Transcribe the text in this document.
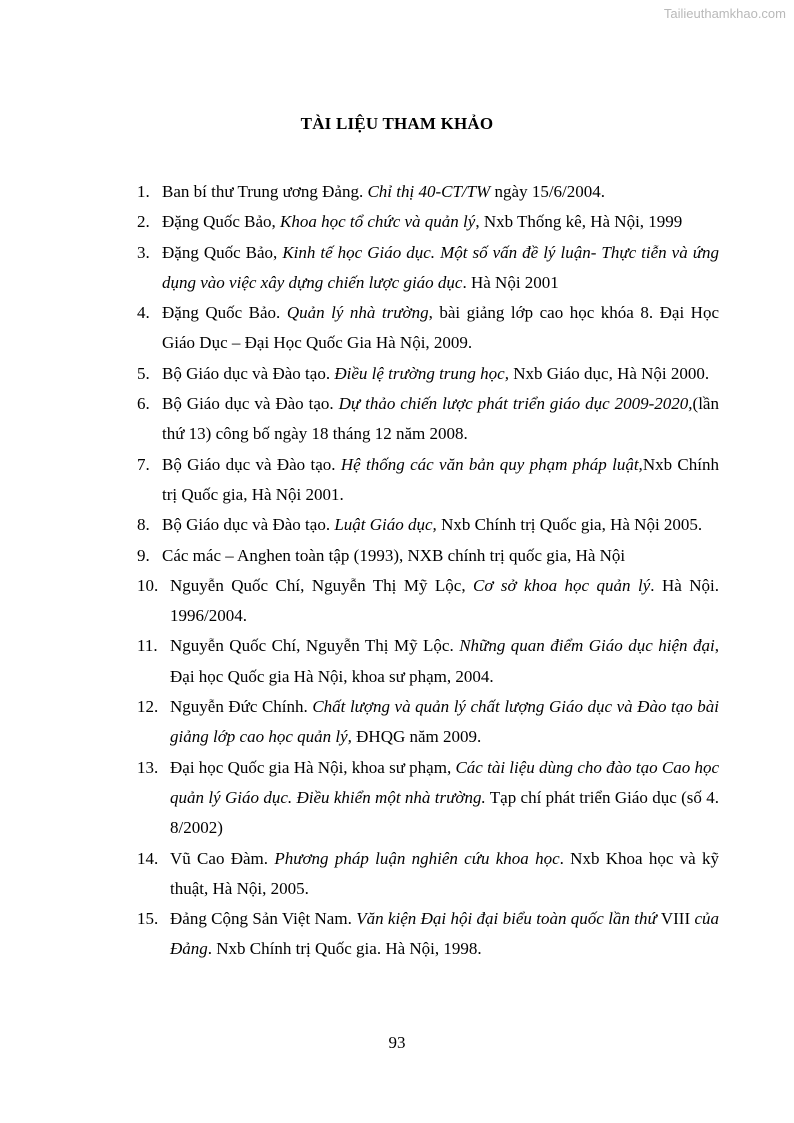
Tailieuthamkhao.com
TÀI LIỆU THAM KHẢO
1. Ban bí thư Trung ương Đảng. Chỉ thị 40-CT/TW ngày 15/6/2004.
2. Đặng Quốc Bảo, Khoa học tổ chức và quản lý, Nxb Thống kê, Hà Nội, 1999
3. Đặng Quốc Bảo, Kinh tế học Giáo dục. Một số vấn đề lý luận- Thực tiễn và ứng dụng vào việc xây dựng chiến lược giáo dục. Hà Nội 2001
4. Đặng Quốc Bảo. Quản lý nhà trường, bài giảng lớp cao học khóa 8. Đại Học Giáo Dục – Đại Học Quốc Gia Hà Nội, 2009.
5. Bộ Giáo dục và Đào tạo. Điều lệ trường trung học, Nxb Giáo dục, Hà Nội 2000.
6. Bộ Giáo dục và Đào tạo. Dự thảo chiến lược phát triển giáo dục 2009-2020,(lần thứ 13) công bố ngày 18 tháng 12 năm 2008.
7. Bộ Giáo dục và Đào tạo. Hệ thống các văn bản quy phạm pháp luật,Nxb Chính trị Quốc gia, Hà Nội 2001.
8. Bộ Giáo dục và Đào tạo. Luật Giáo dục, Nxb Chính trị Quốc gia, Hà Nội 2005.
9. Các mác – Anghen toàn tập (1993), NXB chính trị quốc gia, Hà Nội
10. Nguyễn Quốc Chí, Nguyễn Thị Mỹ Lộc, Cơ sở khoa học quản lý. Hà Nội. 1996/2004.
11. Nguyễn Quốc Chí, Nguyễn Thị Mỹ Lộc. Những quan điểm Giáo dục hiện đại, Đại học Quốc gia Hà Nội, khoa sư phạm, 2004.
12. Nguyễn Đức Chính. Chất lượng và quản lý chất lượng Giáo dục và Đào tạo bài giảng lớp cao học quản lý, ĐHQG năm 2009.
13. Đại học Quốc gia Hà Nội, khoa sư phạm, Các tài liệu dùng cho đào tạo Cao học quản lý Giáo dục. Điều khiển một nhà trường. Tạp chí phát triển Giáo dục (số 4. 8/2002)
14. Vũ Cao Đàm. Phương pháp luận nghiên cứu khoa học. Nxb Khoa học và kỹ thuật, Hà Nội, 2005.
15. Đảng Cộng Sản Việt Nam. Văn kiện Đại hội đại biểu toàn quốc lần thứ VIII của Đảng. Nxb Chính trị Quốc gia. Hà Nội, 1998.
93
